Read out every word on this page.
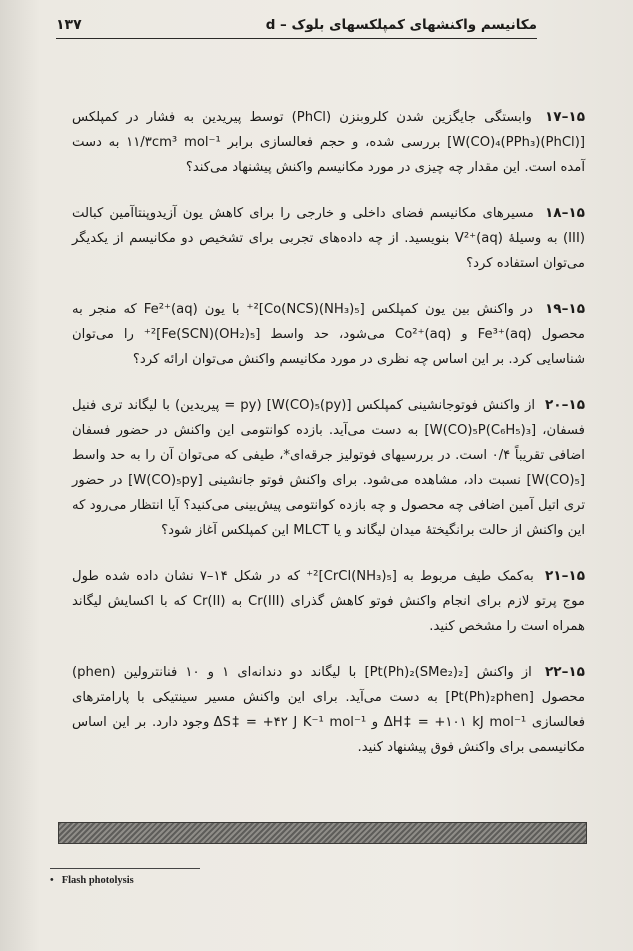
مکانیسم واکنشهای کمپلکسهای بلوک – d
۱۳۷

۱۵–۱۷ وابستگی جایگزین شدن کلروبنزن (PhCl) توسط پیریدین به فشار در کمپلکس [W(CO)₄(PPh₃)(PhCl)] بررسی شده، و حجم فعالسازی برابر ۱۱/۳cm³ mol⁻¹ به دست آمده است. این مقدار چه چیزی در مورد مکانیسم واکنش پیشنهاد می‌کند؟

۱۵–۱۸ مسیرهای مکانیسم فضای داخلی و خارجی را برای کاهش یون آزیدوپنتاآمین کبالت (III) به وسیلهٔ V²⁺(aq) بنویسید. از چه داده‌های تجربی برای تشخیص دو مکانیسم از یکدیگر می‌توان استفاده کرد؟

۱۵–۱۹ در واکنش بین یون کمپلکس [Co(NCS)(NH₃)₅]²⁺ با یون Fe²⁺(aq) که منجر به محصول Fe³⁺(aq) و Co²⁺(aq) می‌شود، حد واسط [Fe(SCN)(OH₂)₅]²⁺ را می‌توان شناسایی کرد. بر این اساس چه نظری در مورد مکانیسم واکنش می‌توان ارائه کرد؟

۱۵–۲۰ از واکنش فوتوجانشینی کمپلکس [W(CO)₅(py)] (py = پیریدین) با لیگاند تری فنیل فسفان، [W(CO)₅P(C₆H₅)₃] به دست می‌آید. بازده کوانتومی این واکنش در حضور فسفان اضافی تقریباً ۰/۴ است. در بررسیهای فوتولیز جرقه‌ای*، طیفی که می‌توان آن را به حد واسط [W(CO)₅] نسبت داد، مشاهده می‌شود. برای واکنش فوتو جانشینی [W(CO)₅py] در حضور تری اتیل آمین اضافی چه محصول و چه بازده کوانتومی پیش‌بینی می‌کنید؟ آیا انتظار می‌رود که این واکنش از حالت برانگیختهٔ میدان لیگاند و یا MLCT این کمپلکس آغاز شود؟

۱۵–۲۱ به‌کمک طیف مربوط به [CrCl(NH₃)₅]²⁺ که در شکل ۱۴–۷ نشان داده شده طول موج پرتو لازم برای انجام واکنش فوتو کاهش گذرای Cr(III) به Cr(II) که با اکسایش لیگاند همراه است را مشخص کنید.

۱۵–۲۲ از واکنش [Pt(Ph)₂(SMe₂)₂] با لیگاند دو دندانه‌ای ۱ و ۱۰ فنانترولین (phen) محصول [Pt(Ph)₂phen] به دست می‌آید. برای این واکنش مسیر سینتیکی با پارامترهای فعالسازی ΔH‡ = +۱۰۱ kJ mol⁻¹ و ΔS‡ = +۴۲ J K⁻¹ mol⁻¹ وجود دارد. بر این اساس مکانیسمی برای واکنش فوق پیشنهاد کنید.

• Flash photolysis
